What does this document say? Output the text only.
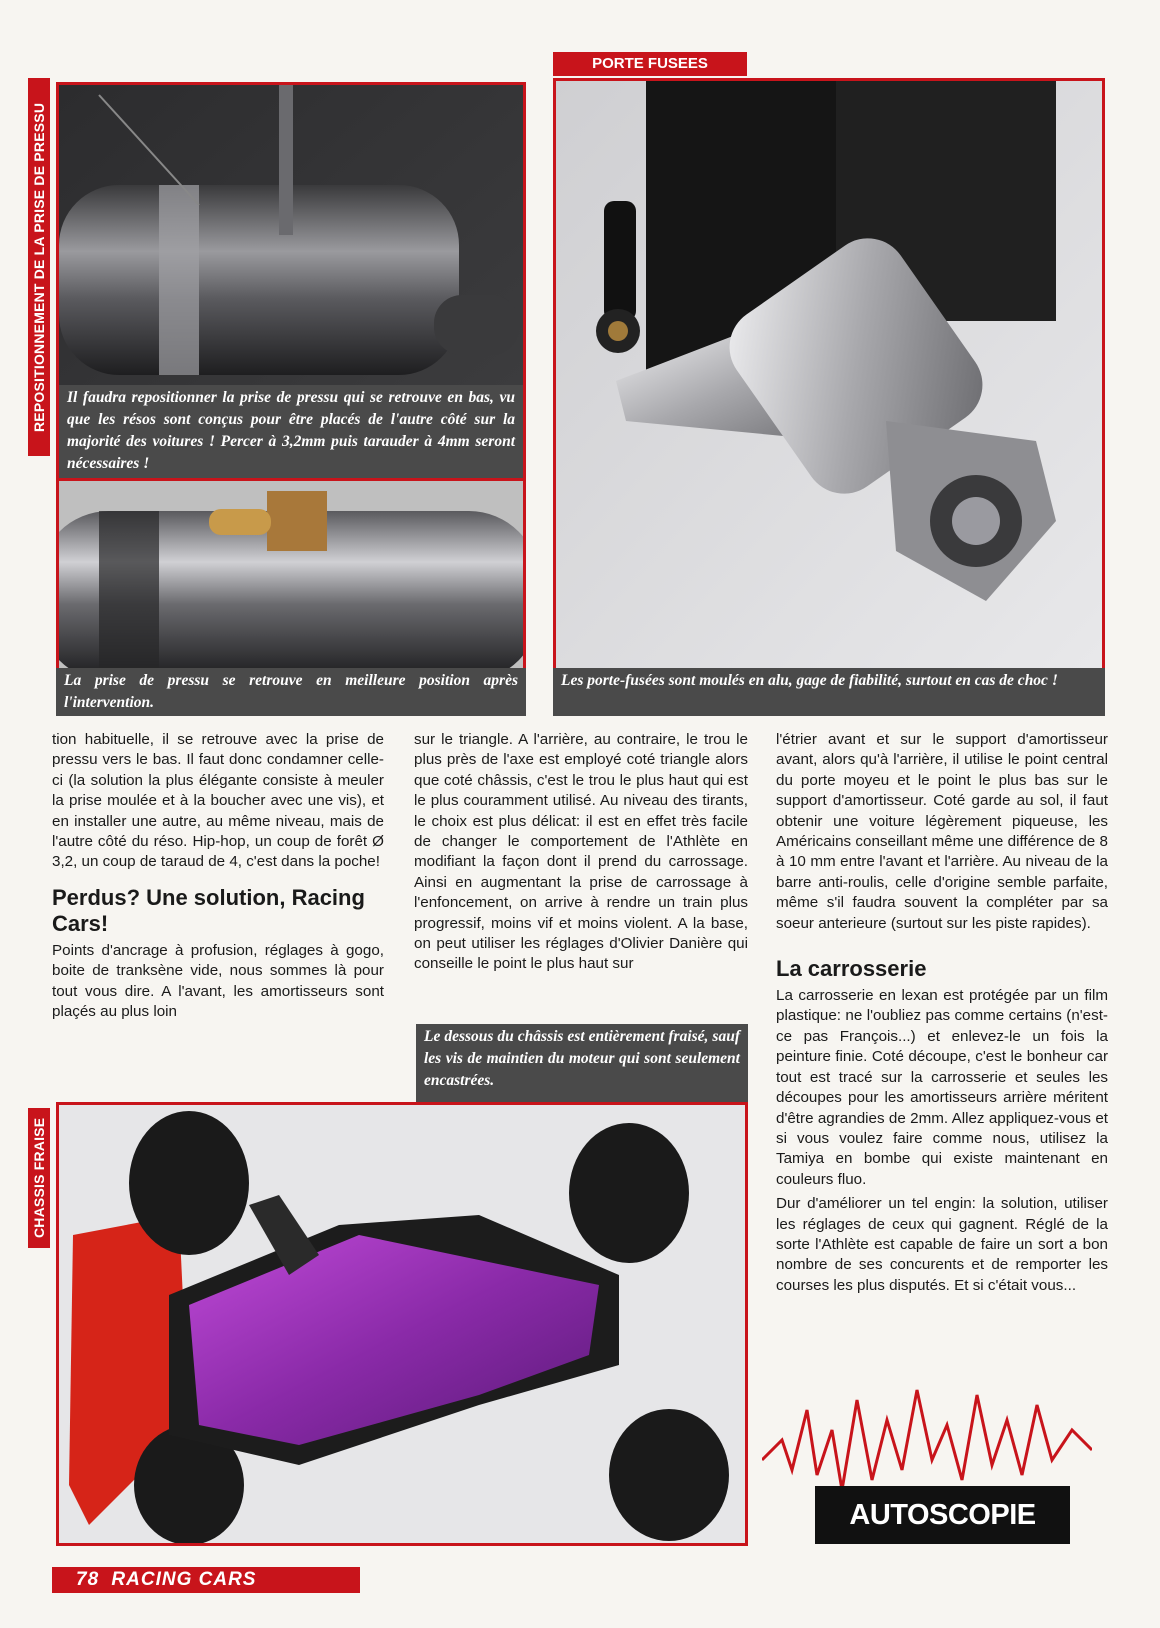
REPOSITIONNEMENT DE LA PRISE DE PRESSU
CHASSIS FRAISE
PORTE FUSEES
Il faudra repositionner la prise de pressu qui se retrouve en bas, vu que les résos sont conçus pour être placés de l'autre côté sur la majorité des voitures ! Percer à 3,2mm puis tarauder à 4mm seront nécessaires !
La prise de pressu se retrouve en meilleure position après l'intervention.
Les porte-fusées sont moulés en alu, gage de fiabilité, surtout en cas de choc !

tion habituelle, il se retrouve avec la prise de pressu vers le bas. Il faut donc condamner celle-ci (la solution la plus élégante consiste à meuler la prise moulée et à la boucher avec une vis), et en installer une autre, au même niveau, mais de l'autre côté du réso. Hip-hop, un coup de forêt Ø 3,2, un coup de taraud de 4, c'est dans la poche!

Perdus? Une solution, Racing Cars!

Points d'ancrage à profusion, réglages à gogo, boite de tranksène vide, nous sommes là pour tout vous dire. A l'avant, les amortisseurs sont plaçés au plus loin

sur le triangle. A l'arrière, au contraire, le trou le plus près de l'axe est employé coté triangle alors que coté châssis, c'est le trou le plus haut qui est le plus couramment utilisé. Au niveau des tirants, le choix est plus délicat: il est en effet très facile de changer le comportement de l'Athlète en modifiant la façon dont il prend du carrossage. Ainsi en augmentant la prise de carrossage à l'enfoncement, on arrive à rendre un train plus progressif, moins vif et moins violent. A la base, on peut utiliser les réglages d'Olivier Danière qui conseille le point le plus haut sur

Le dessous du châssis est entièrement fraisé, sauf les vis de maintien du moteur qui sont seulement encastrées.

l'étrier avant et sur le support d'amortisseur avant, alors qu'à l'arrière, il utilise le point central du porte moyeu et le point le plus bas sur le support d'amortisseur. Coté garde au sol, il faut obtenir une voiture légèrement piqueuse, les Américains conseillant même une différence de 8 à 10 mm entre l'avant et l'arrière. Au niveau de la barre anti-roulis, celle d'origine semble parfaite, même s'il faudra souvent la compléter par sa soeur anterieure (surtout sur les piste rapides).

La carrosserie

La carrosserie en lexan est protégée par un film plastique: ne l'oubliez pas comme certains (n'est-ce pas François...) et enlevez-le un fois la peinture finie. Coté découpe, c'est le bonheur car tout est tracé sur la carrosserie et seules les découpes pour les amortisseurs arrière méritent d'être agrandies de 2mm. Allez appliquez-vous et si vous voulez faire comme nous, utilisez la Tamiya en bombe qui existe maintenant en couleurs fluo.

Dur d'améliorer un tel engin: la solution, utiliser les réglages de ceux qui gagnent. Réglé de la sorte l'Athlète est capable de faire un sort a bon nombre de ses concurents et de remporter les courses les plus disputés. Et si c'était vous...

AUTOSCOPIE
78 RACING CARS
